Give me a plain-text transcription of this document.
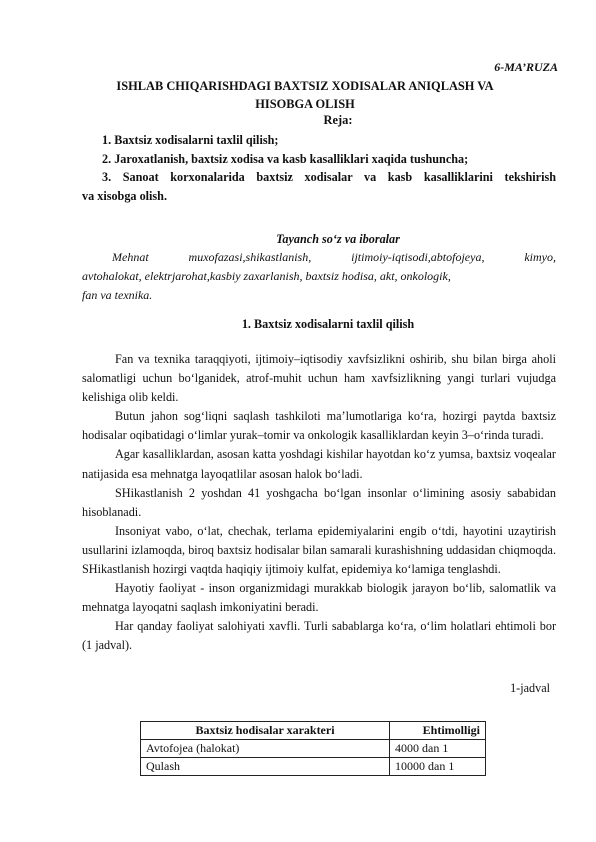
6-MA’RUZA
ISHLAB CHIQARISHDAGI BAXTSIZ XODISALAR ANIQLASH VA HISOBGA OLISH
Reja:
1. Baxtsiz xodisalarni taxlil qilish;
2. Jaroxatlanish, baxtsiz xodisa va kasb kasalliklari xaqida tushuncha;
3. Sanoat korxonalarida baxtsiz xodisalar va kasb kasalliklarini tekshirish
va xisobga olish.
Tayanch so‘z va iboralar
Mehnat muxofazasi,shikastlanish, ijtimoiy-iqtisodi,abtofojeya, kimyo,
avtohalokat, elektrjarohat,kasbiy zaxarlanish, baxtsiz hodisa, akt, onkologik,
fan va texnika.
1. Baxtsiz xodisalarni taxlil qilish

Fan va texnika taraqqiyoti, ijtimoiy–iqtisodiy xavfsizlikni oshirib, shu bilan birga aholi salomatligi uchun bo‘lganidek, atrof-muhit uchun ham xavfsizlikning yangi turlari vujudga kelishiga olib keldi.

Butun jahon sog‘liqni saqlash tashkiloti ma’lumotlariga ko‘ra, hozirgi paytda baxtsiz hodisalar oqibatidagi o‘limlar yurak–tomir va onkologik kasalliklardan keyin 3–o‘rinda turadi.

Agar kasalliklardan, asosan katta yoshdagi kishilar hayotdan ko‘z yumsa, baxtsiz voqealar natijasida esa mehnatga layoqatlilar asosan halok bo‘ladi.

SHikastlanish 2 yoshdan 41 yoshgacha bo‘lgan insonlar o‘limining asosiy sababidan hisoblanadi.

Insoniyat vabo, o‘lat, chechak, terlama epidemiyalarini engib o‘tdi, hayotini uzaytirish usullarini izlamoqda, biroq baxtsiz hodisalar bilan samarali kurashishning uddasidan chiqmoqda. SHikastlanish hozirgi vaqtda haqiqiy ijtimoiy kulfat, epidemiya ko‘lamiga tenglashdi.

Hayotiy faoliyat - inson organizmidagi murakkab biologik jarayon bo‘lib, salomatlik va mehnatga layoqatni saqlash imkoniyatini beradi.

Har qanday faoliyat salohiyati xavfli. Turli sabablarga ko‘ra, o‘lim holatlari ehtimoli bor (1 jadval).

1-jadval
Baxtsiz hodisalar xarakteri	Ehtimolligi
Avtofojea (halokat)	4000 dan 1
Qulash	10000 dan 1
